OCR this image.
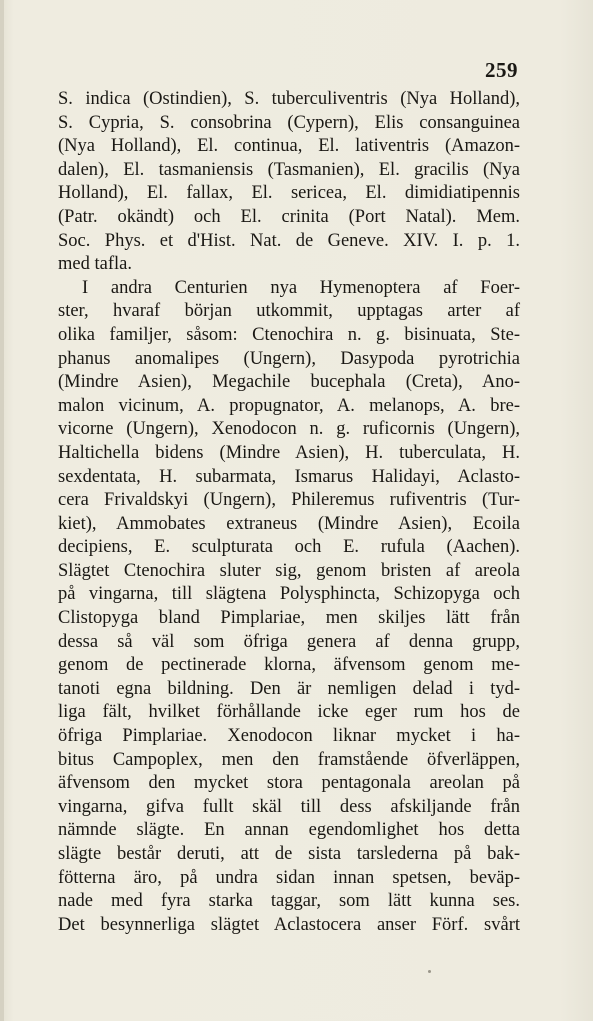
259
S. indica (Ostindien), S. tuberculiventris (Nya Holland),
S. Cypria, S. consobrina (Cypern), Elis consanguinea
(Nya Holland), El. continua, El. lativentris (Amazon-
dalen), El. tasmaniensis (Tasmanien), El. gracilis (Nya
Holland), El. fallax, El. sericea, El. dimidiatipennis
(Patr. okändt) och El. crinita (Port Natal). Mem.
Soc. Phys. et d'Hist. Nat. de Geneve. XIV. I. p. 1.
med tafla.
I andra Centurien nya Hymenoptera af Foer-
ster, hvaraf början utkommit, upptagas arter af
olika familjer, såsom: Ctenochira n. g. bisinuata, Ste-
phanus anomalipes (Ungern), Dasypoda pyrotrichia
(Mindre Asien), Megachile bucephala (Creta), Ano-
malon vicinum, A. propugnator, A. melanops, A. bre-
vicorne (Ungern), Xenodocon n. g. ruficornis (Ungern),
Haltichella bidens (Mindre Asien), H. tuberculata, H.
sexdentata, H. subarmata, Ismarus Halidayi, Aclasto-
cera Frivaldskyi (Ungern), Phileremus rufiventris (Tur-
kiet), Ammobates extraneus (Mindre Asien), Ecoila
decipiens, E. sculpturata och E. rufula (Aachen).
Slägtet Ctenochira sluter sig, genom bristen af areola
på vingarna, till slägtena Polysphincta, Schizopyga och
Clistopyga bland Pimplariae, men skiljes lätt från
dessa så väl som öfriga genera af denna grupp,
genom de pectinerade klorna, äfvensom genom me-
tanoti egna bildning. Den är nemligen delad i tyd-
liga fält, hvilket förhållande icke eger rum hos de
öfriga Pimplariae. Xenodocon liknar mycket i ha-
bitus Campoplex, men den framstående öfverläppen,
äfvensom den mycket stora pentagonala areolan på
vingarna, gifva fullt skäl till dess afskiljande från
nämnde slägte. En annan egendomlighet hos detta
slägte består deruti, att de sista tarslederna på bak-
fötterna äro, på undra sidan innan spetsen, beväp-
nade med fyra starka taggar, som lätt kunna ses.
Det besynnerliga slägtet Aclastocera anser Förf. svårt
